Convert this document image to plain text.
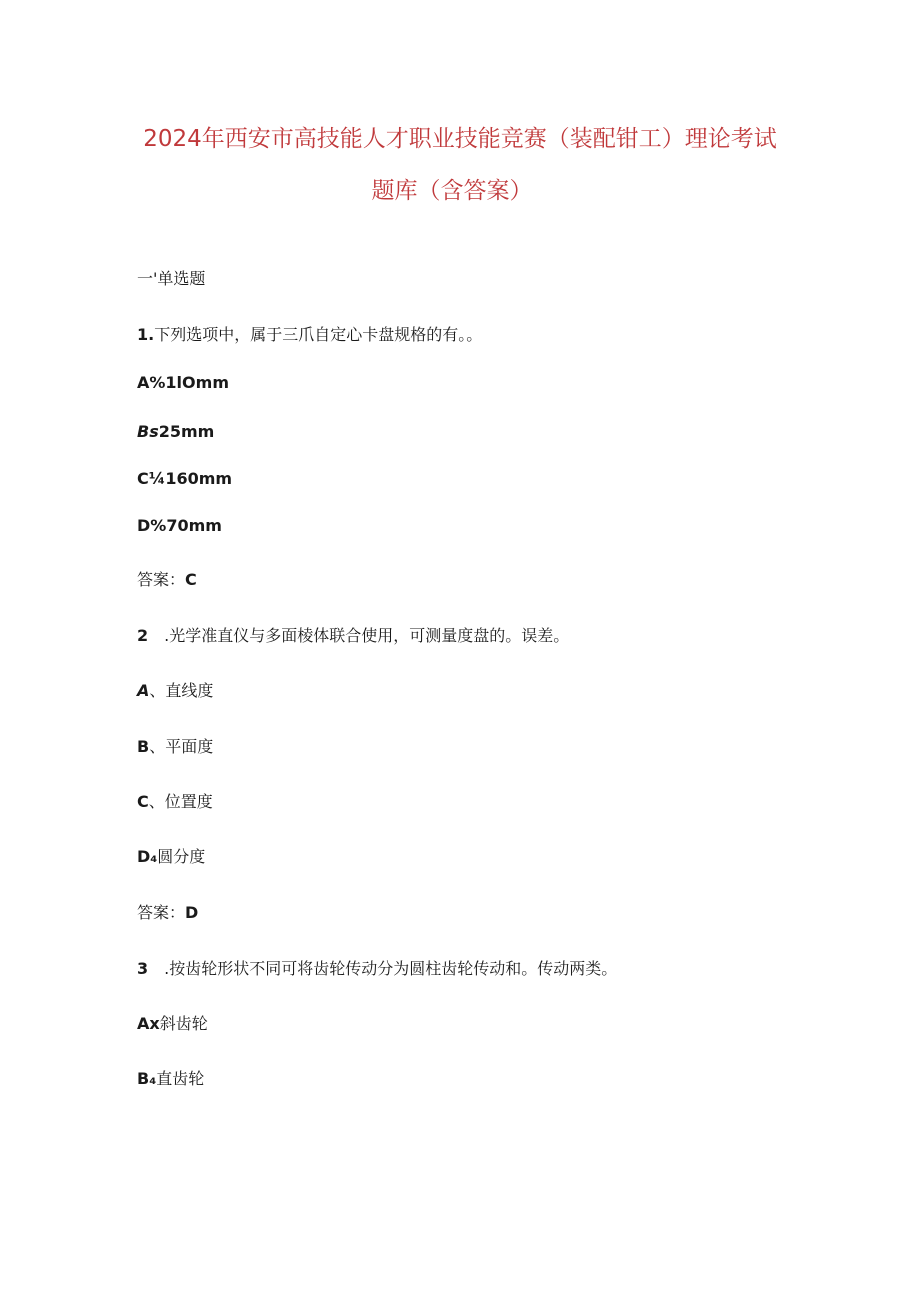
2024年西安市高技能人才职业技能竞赛（装配钳工）理论考试
题库（含答案）
一'单选题
1.下列选项中，属于三爪自定心卡盘规格的有。。
A%1lOmm
Bs25mm
C¼160mm
D%70mm
答案：C
2 .光学准直仪与多面棱体联合使用，可测量度盘的。误差。
A、直线度
B、平面度
C、位置度
D₄圆分度
答案：D
3 .按齿轮形状不同可将齿轮传动分为圆柱齿轮传动和。传动两类。
Ax斜齿轮
B₄直齿轮
